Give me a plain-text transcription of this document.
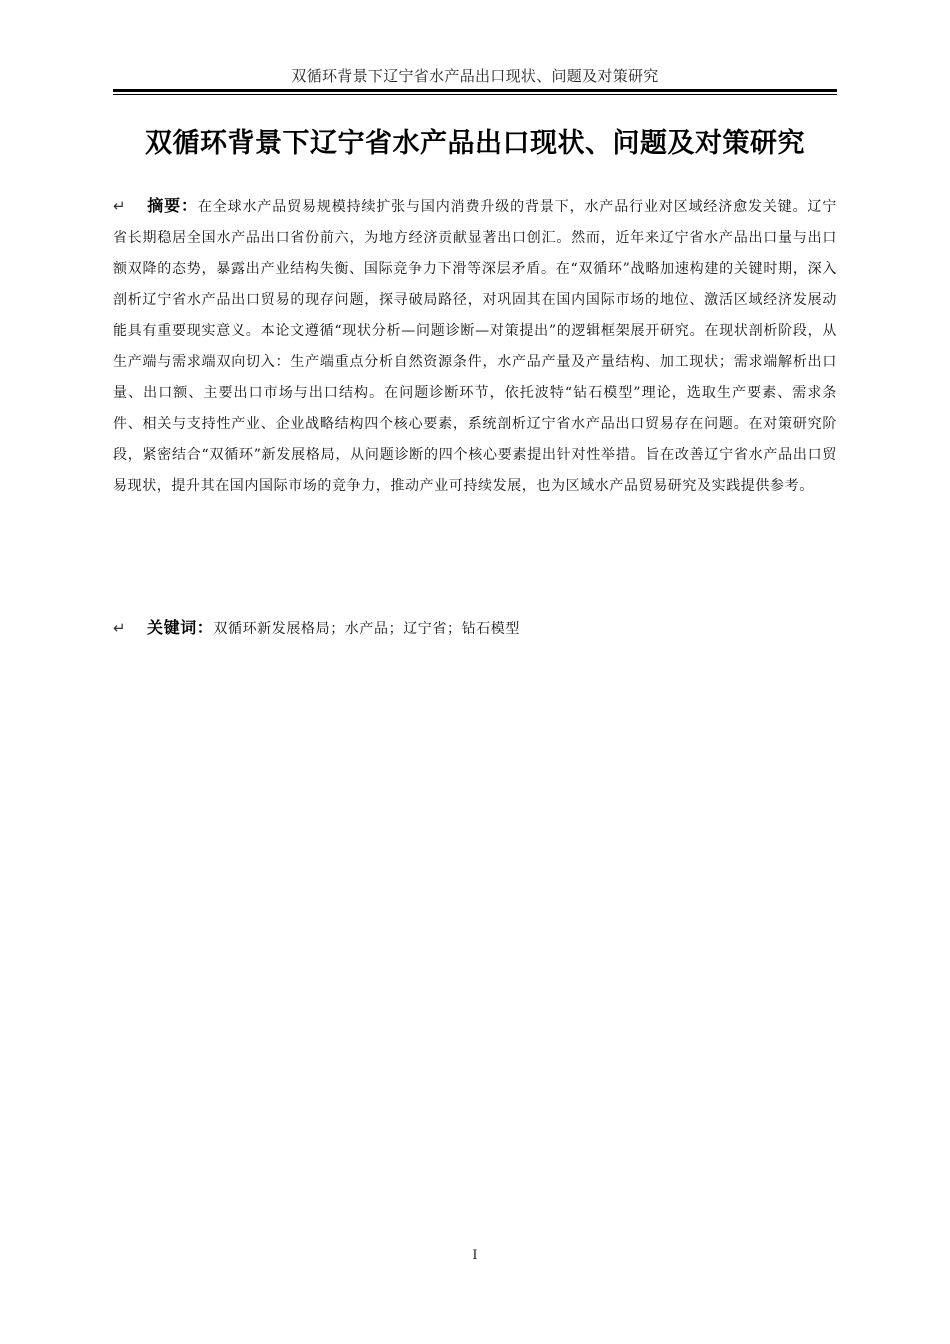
双循环背景下辽宁省水产品出口现状、问题及对策研究
双循环背景下辽宁省水产品出口现状、问题及对策研究
↵ 摘要：在全球水产品贸易规模持续扩张与国内消费升级的背景下，水产品行业对区域经济愈发关键。辽宁省长期稳居全国水产品出口省份前六，为地方经济贡献显著出口创汇。然而，近年来辽宁省水产品出口量与出口额双降的态势，暴露出产业结构失衡、国际竞争力下滑等深层矛盾。在“双循环”战略加速构建的关键时期，深入剖析辽宁省水产品出口贸易的现存问题，探寻破局路径，对巩固其在国内国际市场的地位、激活区域经济发展动能具有重要现实意义。本论文遵循“现状分析—问题诊断—对策提出”的逻辑框架展开研究。在现状剖析阶段，从生产端与需求端双向切入：生产端重点分析自然资源条件，水产品产量及产量结构、加工现状；需求端解析出口量、出口额、主要出口市场与出口结构。在问题诊断环节，依托波特“钻石模型”理论，选取生产要素、需求条件、相关与支持性产业、企业战略结构四个核心要素，系统剖析辽宁省水产品出口贸易存在问题。在对策研究阶段，紧密结合“双循环”新发展格局，从问题诊断的四个核心要素提出针对性举措。旨在改善辽宁省水产品出口贸易现状，提升其在国内国际市场的竞争力，推动产业可持续发展，也为区域水产品贸易研究及实践提供参考。
↵ 关键词：双循环新发展格局；水产品；辽宁省；钻石模型
I
